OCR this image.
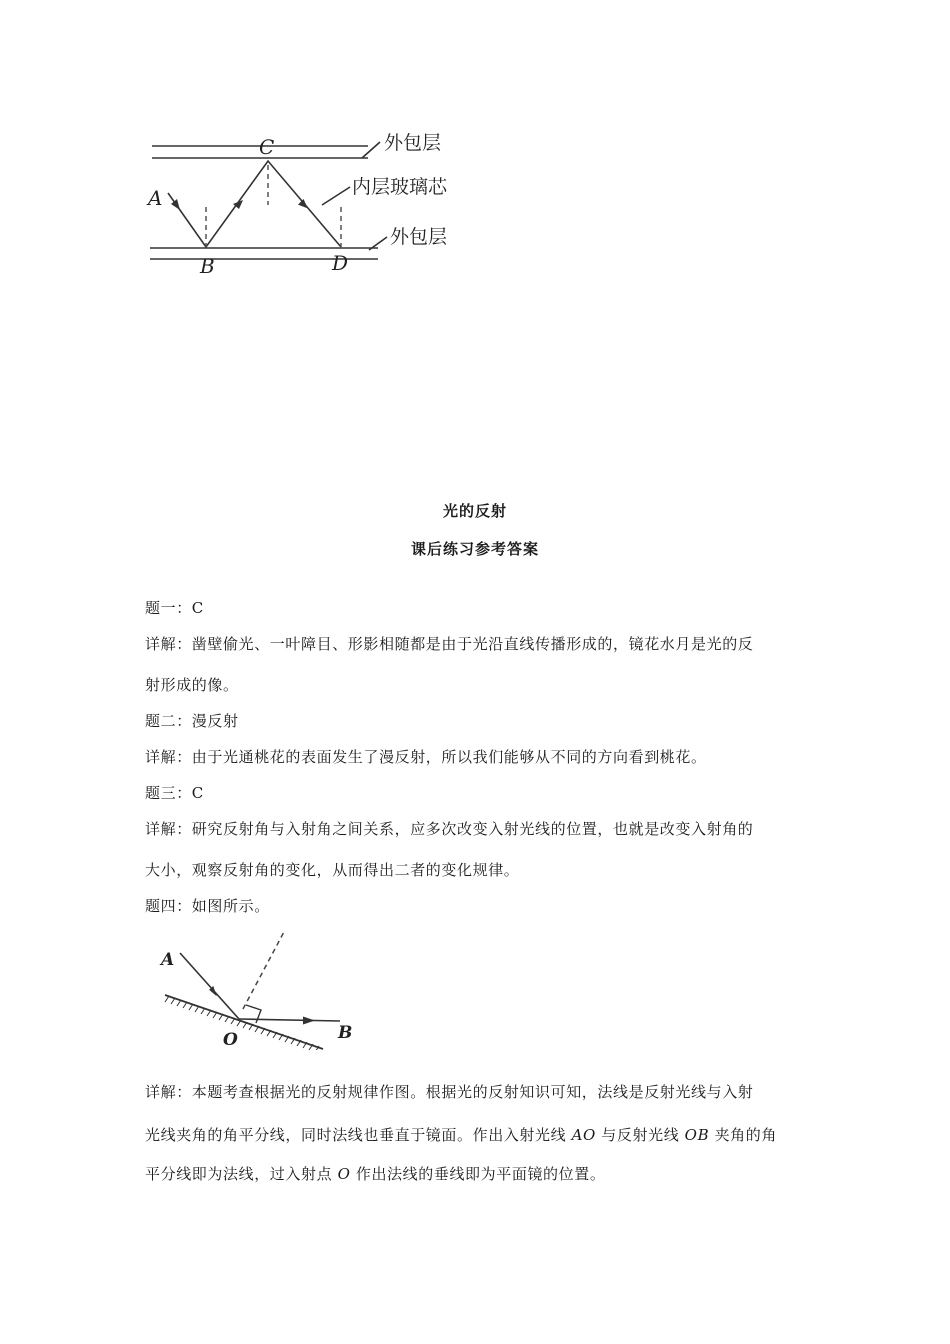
A
B
C
D
外包层
内层玻璃芯
外包层
光的反射
课后练习参考答案
题一：C
详解：凿壁偷光、一叶障目、形影相随都是由于光沿直线传播形成的，镜花水月是光的反
射形成的像。
题二：漫反射
详解：由于光通桃花的表面发生了漫反射，所以我们能够从不同的方向看到桃花。
题三：C
详解：研究反射角与入射角之间关系，应多次改变入射光线的位置，也就是改变入射角的
大小，观察反射角的变化，从而得出二者的变化规律。
题四：如图所示。
A
O	B
详解：本题考查根据光的反射规律作图。根据光的反射知识可知，法线是反射光线与入射
光线夹角的角平分线，同时法线也垂直于镜面。作出入射光线 AO 与反射光线 OB 夹角的角
平分线即为法线，过入射点 O 作出法线的垂线即为平面镜的位置。
